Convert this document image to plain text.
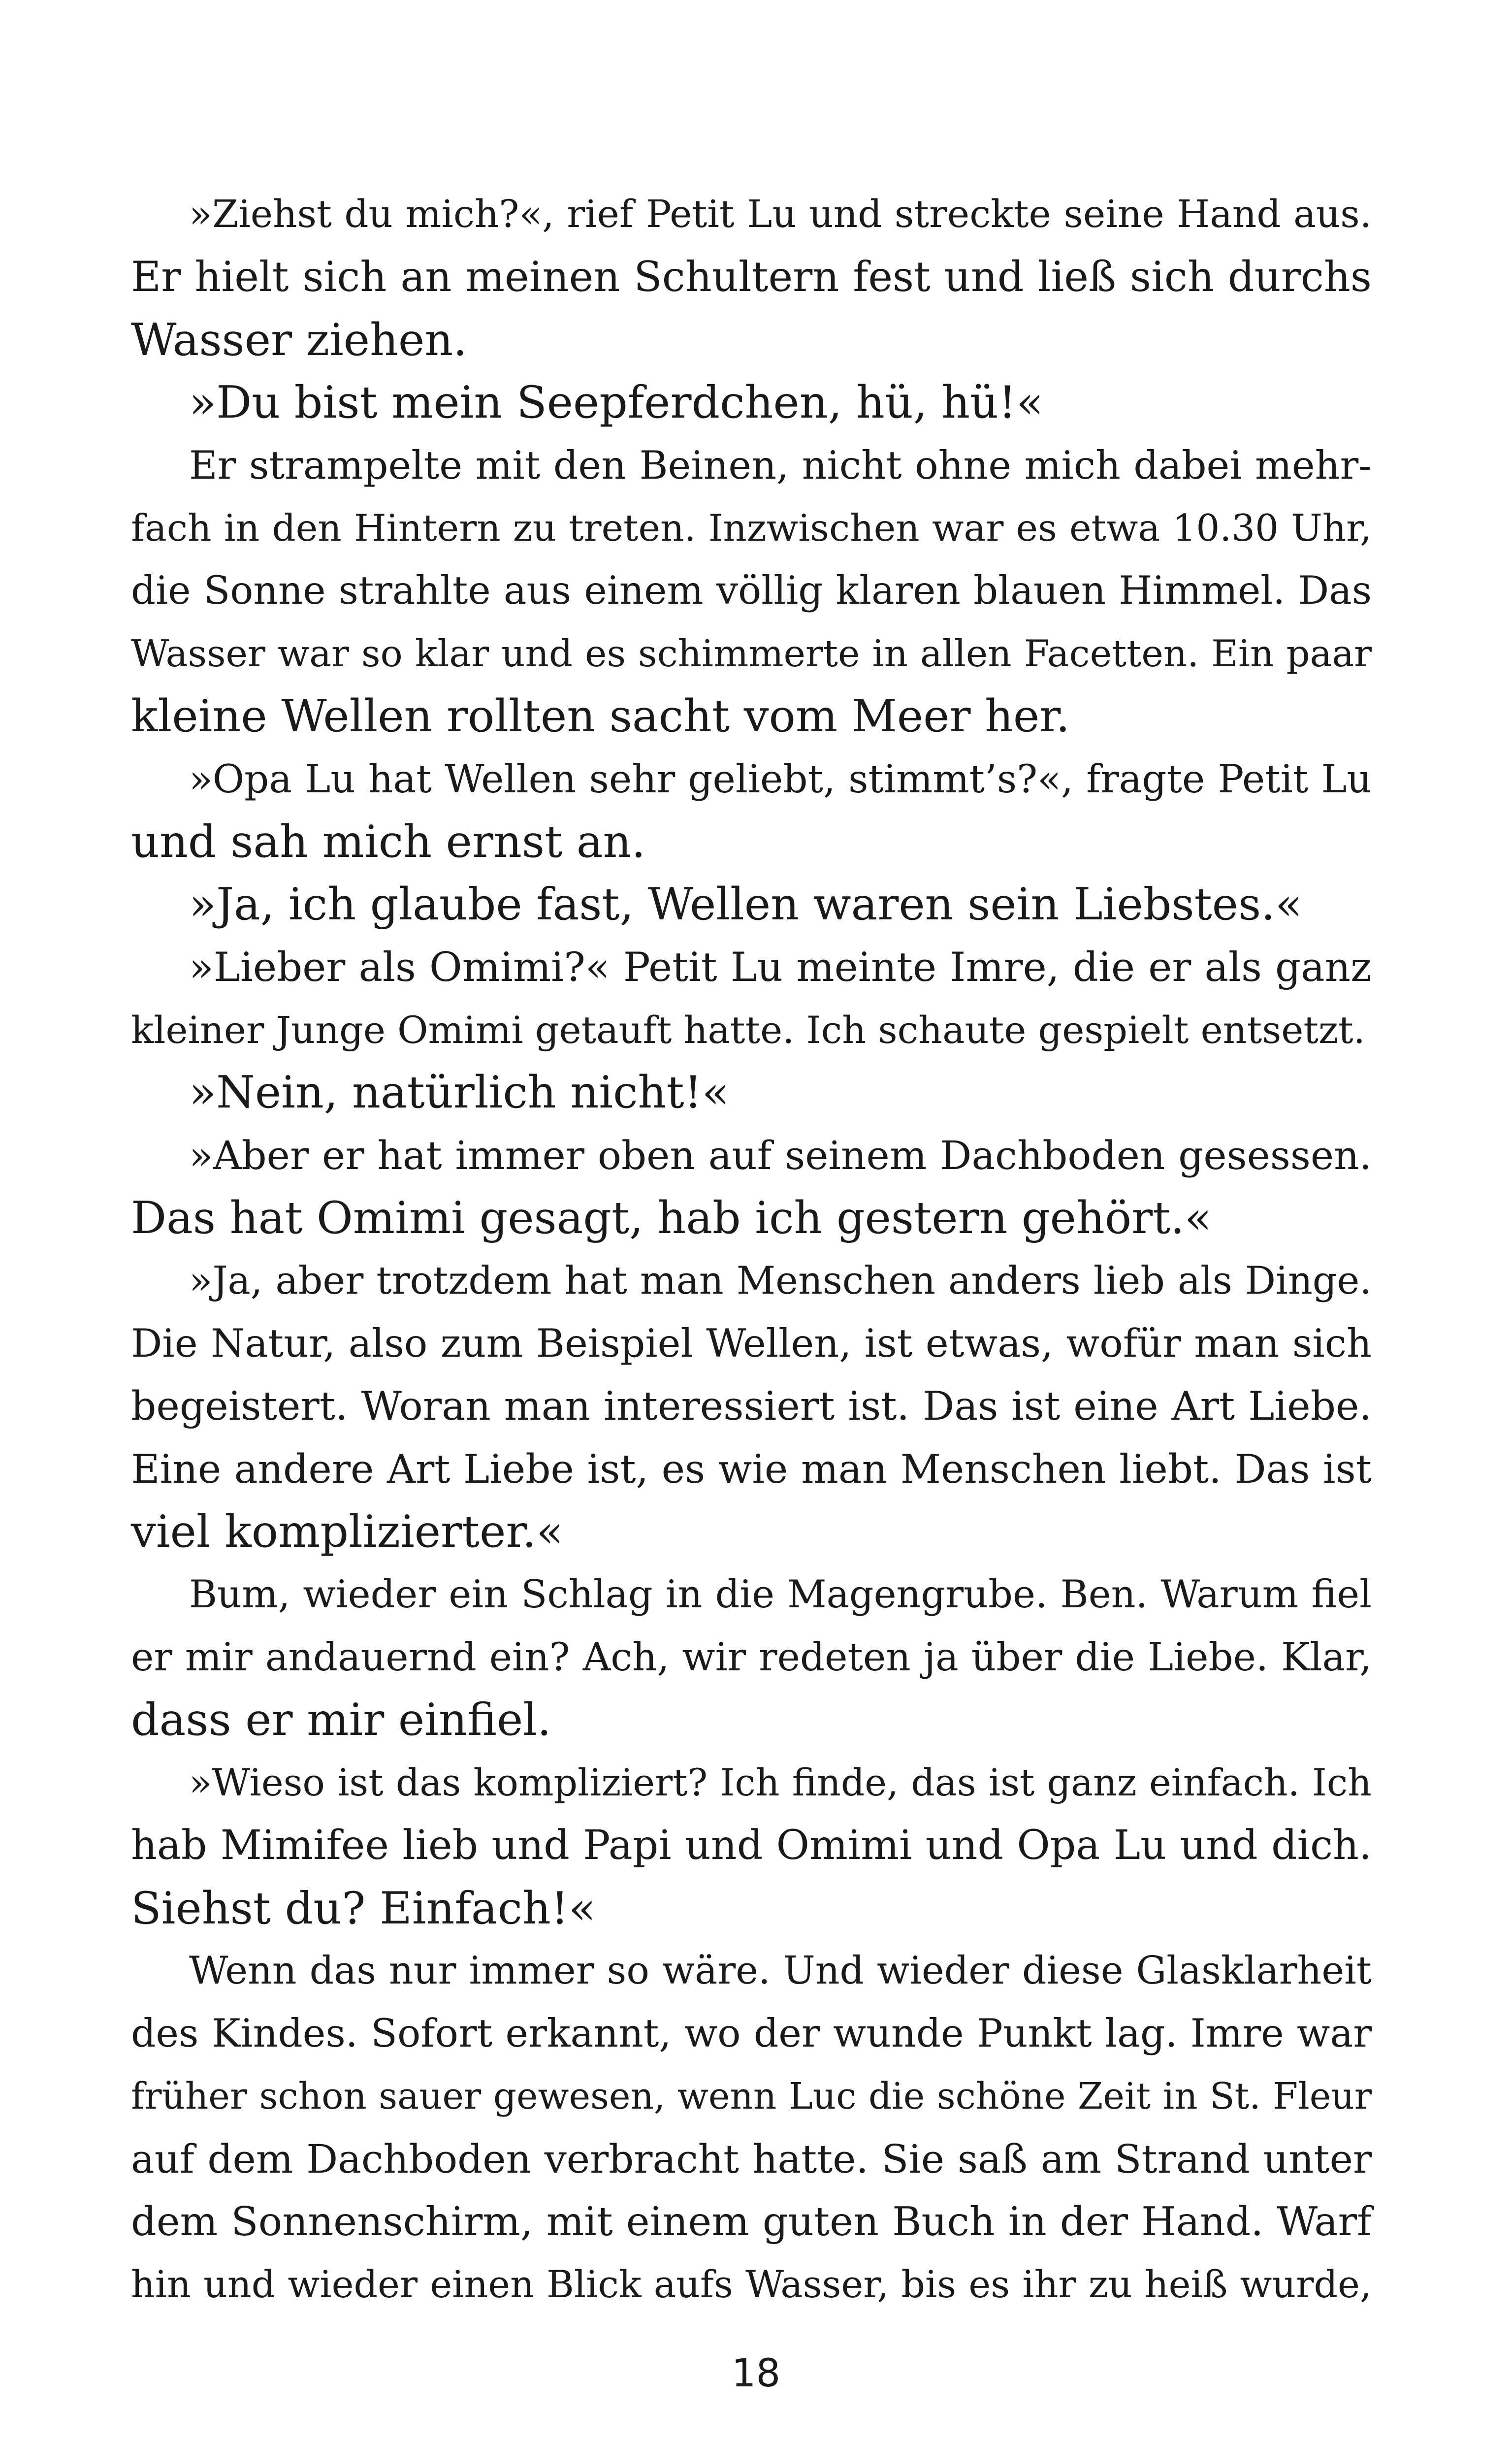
»Ziehst du mich?«, rief Petit Lu und streckte seine Hand aus.
Er hielt sich an meinen Schultern fest und ließ sich durchs
Wasser ziehen.
»Du bist mein Seepferdchen, hü, hü!«
Er strampelte mit den Beinen, nicht ohne mich dabei mehr-
fach in den Hintern zu treten. Inzwischen war es etwa 10.30 Uhr,
die Sonne strahlte aus einem völlig klaren blauen Himmel. Das
Wasser war so klar und es schimmerte in allen Facetten. Ein paar
kleine Wellen rollten sacht vom Meer her.
»Opa Lu hat Wellen sehr geliebt, stimmt’s?«, fragte Petit Lu
und sah mich ernst an.
»Ja, ich glaube fast, Wellen waren sein Liebstes.«
»Lieber als Omimi?« Petit Lu meinte Imre, die er als ganz
kleiner Junge Omimi getauft hatte. Ich schaute gespielt entsetzt.
»Nein, natürlich nicht!«
»Aber er hat immer oben auf seinem Dachboden gesessen.
Das hat Omimi gesagt, hab ich gestern gehört.«
»Ja, aber trotzdem hat man Menschen anders lieb als Dinge.
Die Natur, also zum Beispiel Wellen, ist etwas, wofür man sich
begeistert. Woran man interessiert ist. Das ist eine Art Liebe.
Eine andere Art Liebe ist, es wie man Menschen liebt. Das ist
viel komplizierter.«
Bum, wieder ein Schlag in die Magengrube. Ben. Warum fiel
er mir andauernd ein? Ach, wir redeten ja über die Liebe. Klar,
dass er mir einfiel.
»Wieso ist das kompliziert? Ich finde, das ist ganz einfach. Ich
hab Mimifee lieb und Papi und Omimi und Opa Lu und dich.
Siehst du? Einfach!«
Wenn das nur immer so wäre. Und wieder diese Glasklarheit
des Kindes. Sofort erkannt, wo der wunde Punkt lag. Imre war
früher schon sauer gewesen, wenn Luc die schöne Zeit in St. Fleur
auf dem Dachboden verbracht hatte. Sie saß am Strand unter
dem Sonnenschirm, mit einem guten Buch in der Hand. Warf
hin und wieder einen Blick aufs Wasser, bis es ihr zu heiß wurde,
18
